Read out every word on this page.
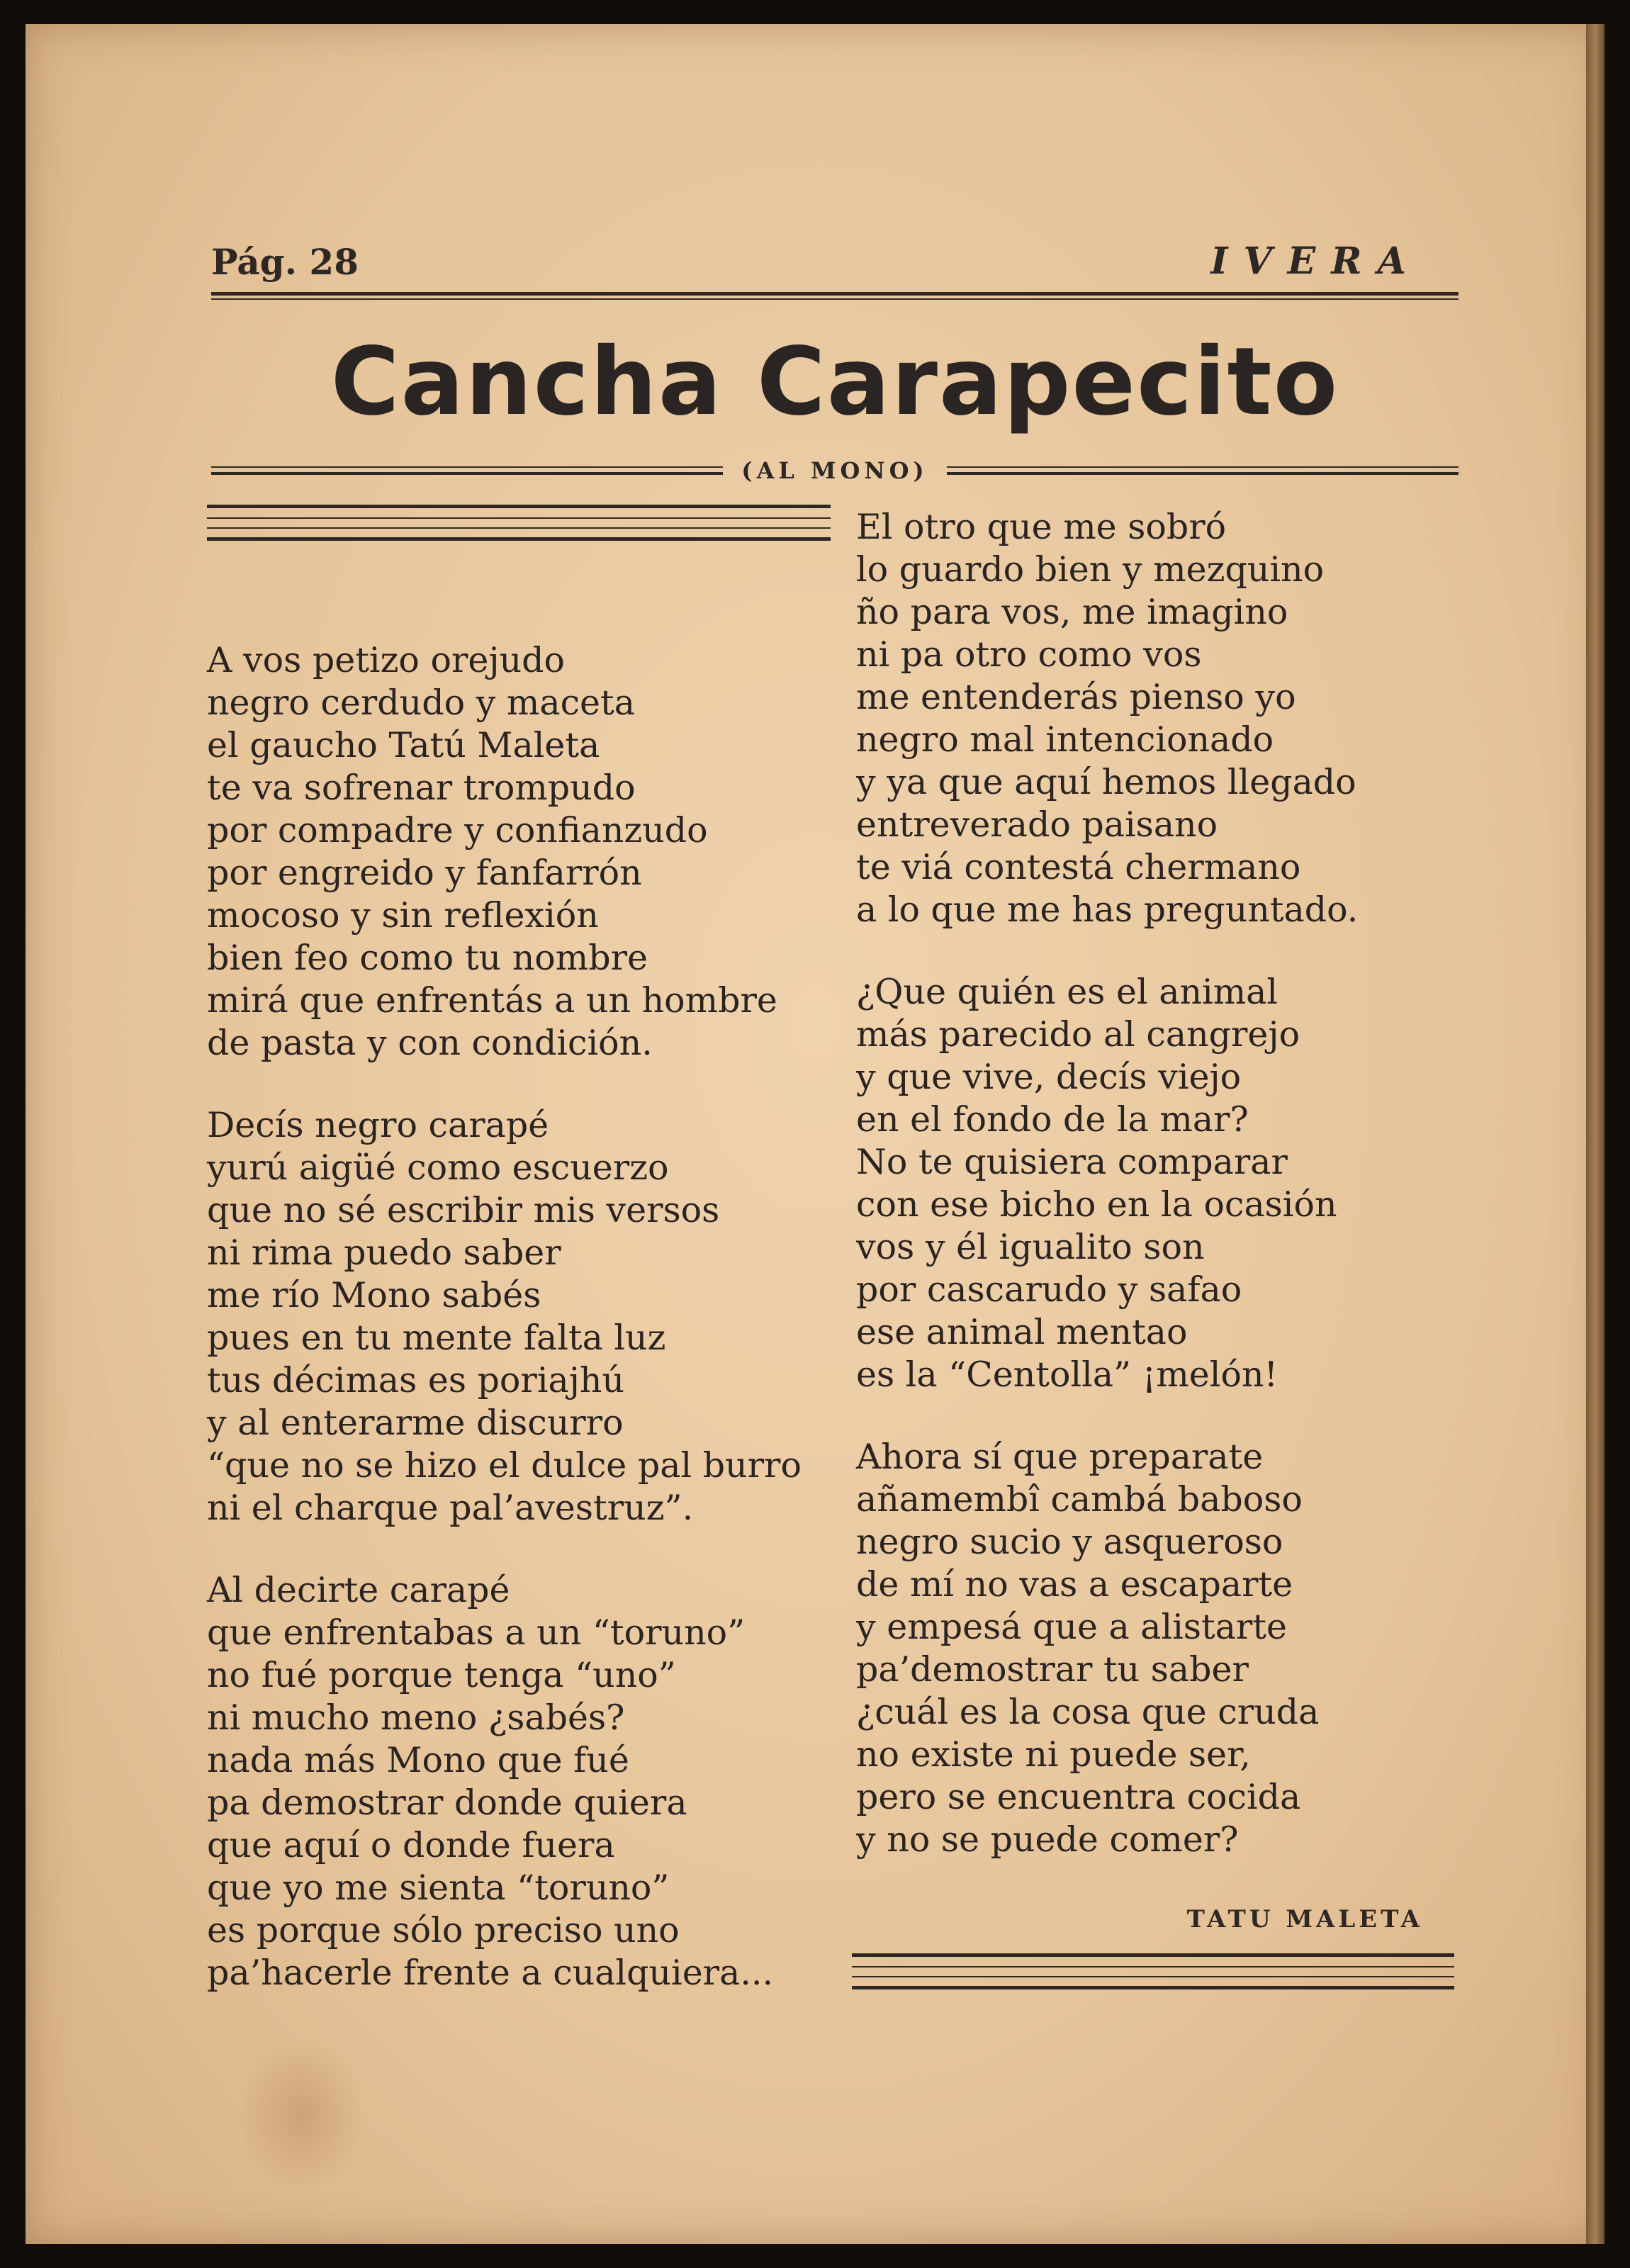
Pág. 28	IVERA
Cancha Carapecito
(AL MONO)
A vos petizo orejudo
negro cerdudo y maceta
el gaucho Tatú Maleta
te va sofrenar trompudo
por compadre y confianzudo
por engreido y fanfarrón
mocoso y sin reflexión
bien feo como tu nombre
mirá que enfrentás a un hombre
de pasta y con condición.
Decís negro carapé
yurú aigüé como escuerzo
que no sé escribir mis versos
ni rima puedo saber
me río Mono sabés
pues en tu mente falta luz
tus décimas es poriajhú
y al enterarme discurro
“que no se hizo el dulce pal burro
ni el charque pal’avestruz”.
Al decirte carapé
que enfrentabas a un “toruno”
no fué porque tenga “uno”
ni mucho meno ¿sabés?
nada más Mono que fué
pa demostrar donde quiera
que aquí o donde fuera
que yo me sienta “toruno”
es porque sólo preciso uno
pa’hacerle frente a cualquiera...
El otro que me sobró
lo guardo bien y mezquino
ño para vos, me imagino
ni pa otro como vos
me entenderás pienso yo
negro mal intencionado
y ya que aquí hemos llegado
entreverado paisano
te viá contestá chermano
a lo que me has preguntado.
¿Que quién es el animal
más parecido al cangrejo
y que vive, decís viejo
en el fondo de la mar?
No te quisiera comparar
con ese bicho en la ocasión
vos y él igualito son
por cascarudo y safao
ese animal mentao
es la “Centolla” ¡melón!
Ahora sí que preparate
añamembî cambá baboso
negro sucio y asqueroso
de mí no vas a escaparte
y empesá que a alistarte
pa’demostrar tu saber
¿cuál es la cosa que cruda
no existe ni puede ser,
pero se encuentra cocida
y no se puede comer?
TATU MALETA
